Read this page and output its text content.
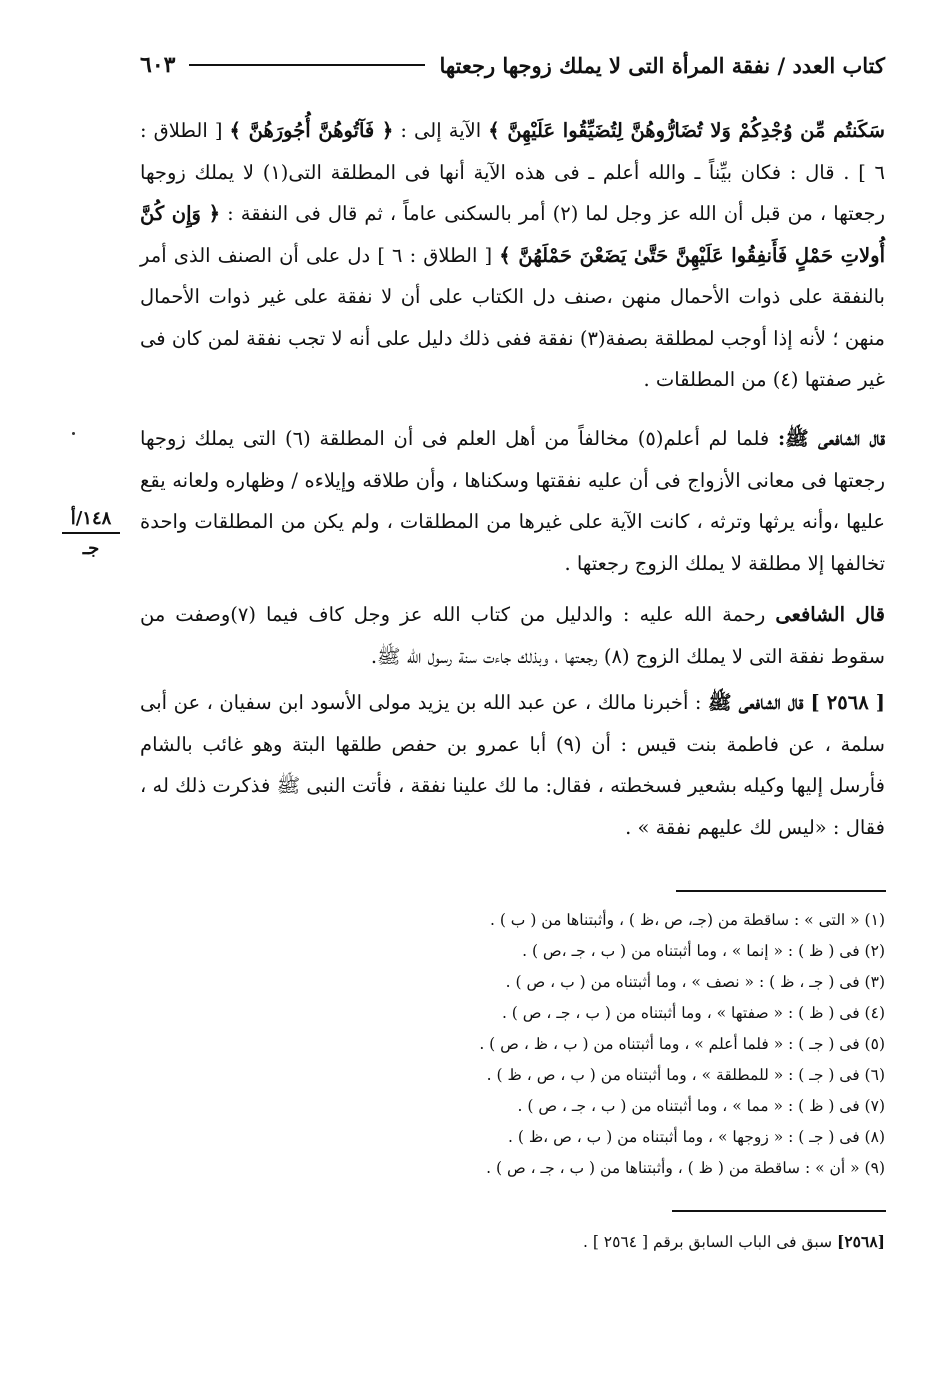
كتاب العدد / نفقة المرأة التى لا يملك زوجها رجعتها
٦٠٣
١٤٨/أ
جـ

سَكَنتُم مِّن وُجْدِكُمْ وَلا تُضَارُّوهُنَّ لِتُضَيِّقُوا عَلَيْهِنَّ ﴾ الآية إلى : ﴿ فَآتُوهُنَّ أُجُورَهُنَّ ﴾ [ الطلاق : ٦ ] . قال : فكان بيِّناً ـ والله أعلم ـ فى هذه الآية أنها فى المطلقة التى(١) لا يملك زوجها رجعتها ، من قبل أن الله عز وجل لما (٢) أمر بالسكنى عاماً ، ثم قال فى النفقة : ﴿ وَإِن كُنَّ أُولاتِ حَمْلٍ فَأَنفِقُوا عَلَيْهِنَّ حَتَّىٰ يَضَعْنَ حَمْلَهُنَّ ﴾ [ الطلاق : ٦ ] دل على أن الصنف الذى أمر بالنفقة على ذوات الأحمال منهن ،صنف دل الكتاب على أن لا نفقة على غير ذوات الأحمال منهن ؛ لأنه إذا أوجب لمطلقة بصفة(٣) نفقة ففى ذلك دليل على أنه لا تجب نفقة لمن كان فى غير صفتها (٤) من المطلقات .

قال الشافعى ﷺ: فلما لم أعلم(٥) مخالفاً من أهل العلم فى أن المطلقة (٦) التى يملك زوجها رجعتها فى معانى الأزواج فى أن عليه نفقتها وسكناها ، وأن طلاقه وإيلاءه / وظهاره ولعانه يقع عليها ،وأنه يرثها وترثه ، كانت الآية على غيرها من المطلقات ، ولم يكن من المطلقات واحدة تخالفها إلا مطلقة لا يملك الزوج رجعتها .

قال الشافعى رحمة الله عليه : والدليل من كتاب الله عز وجل كاف فيما (٧)وصفت من سقوط نفقة التى لا يملك الزوج (٨) رجعتها ، وبذلك جاءت سنة رسول الله ﷺ.

[ ٢٥٦٨ ] قال الشافعى ﷺ : أخبرنا مالك ، عن عبد الله بن يزيد مولى الأسود ابن سفيان ، عن أبى سلمة ، عن فاطمة بنت قيس : أن (٩) أبا عمرو بن حفص طلقها البتة وهو غائب بالشام فأرسل إليها وكيله بشعير فسخطته ، فقال: ما لك علينا نفقة ، فأتت النبى ﷺ فذكرت ذلك له ، فقال : «ليس لك عليهم نفقة » .

(١) « التى » : ساقطة من (جـ، ص ،ظ ) ، وأثبتناها من ( ب ) .
(٢) فى ( ظ ) : « إنما » ، وما أثبتناه من ( ب ، جـ ،ص ) .
(٣) فى ( جـ ، ظ ) : « نصف » ، وما أثبتناه من ( ب ، ص ) .
(٤) فى ( ظ ) : « صفتها » ، وما أثبتناه من ( ب ، جـ ، ص ) .
(٥) فى ( جـ ) : « فلما أعلم » ، وما أثبتناه من ( ب ، ظ ، ص ) .
(٦) فى ( جـ ) : « للمطلقة » ، وما أثبتناه من ( ب ، ص ، ظ ) .
(٧) فى ( ظ ) : « مما » ، وما أثبتناه من ( ب ، جـ ، ص ) .
(٨) فى ( جـ ) : « زوجها » ، وما أثبتناه من ( ب ، ص ،ظ ) .
(٩) « أن » : ساقطة من ( ظ ) ، وأثبتناها من ( ب ، جـ ، ص ) .
[٢٥٦٨] سبق فى الباب السابق برقم [ ٢٥٦٤ ] .
